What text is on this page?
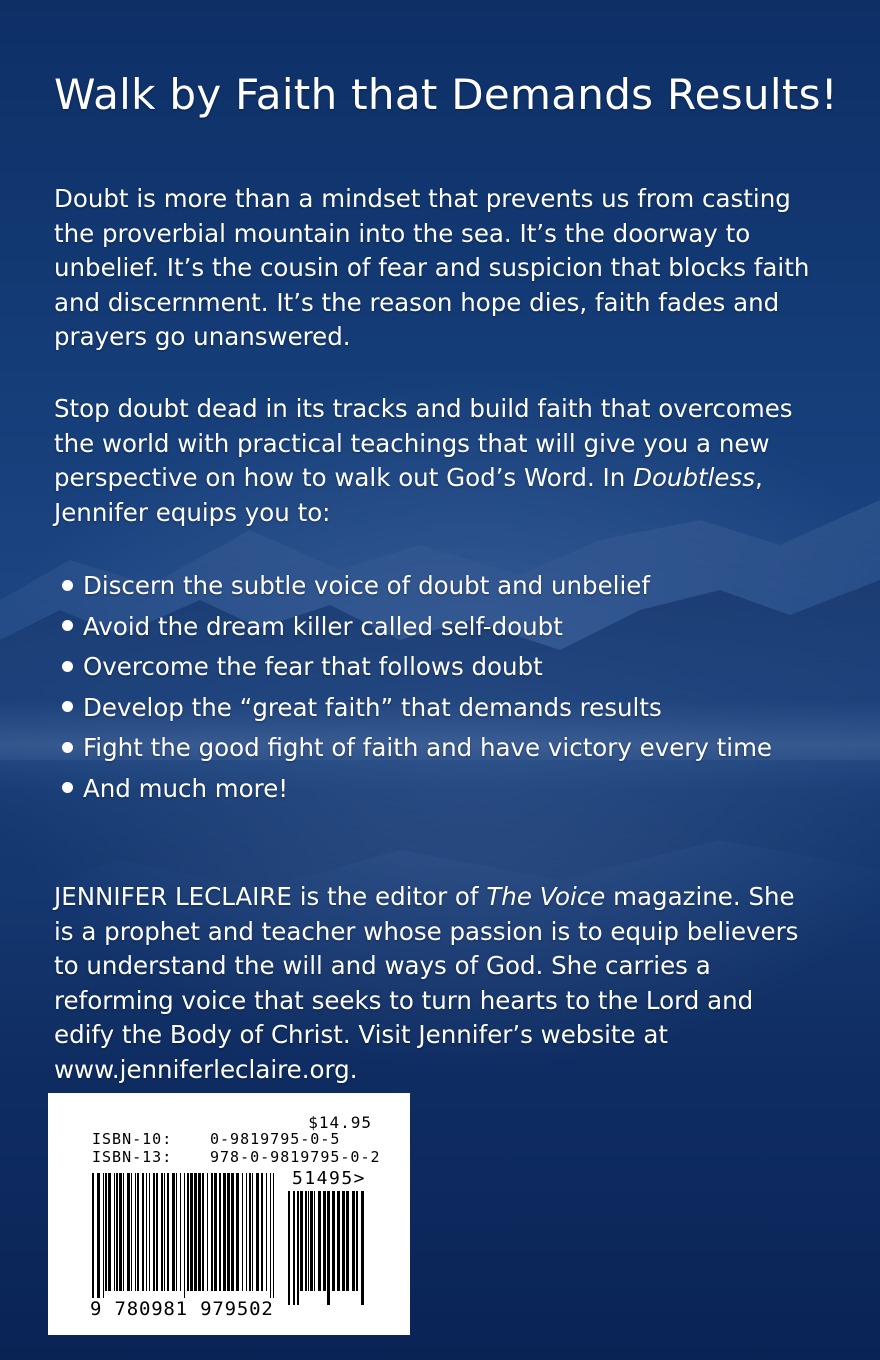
Walk by Faith that Demands Results!

Doubt is more than a mindset that prevents us from casting the proverbial mountain into the sea. It’s the doorway to unbelief. It’s the cousin of fear and suspicion that blocks faith and discernment. It’s the reason hope dies, faith fades and prayers go unanswered.

Stop doubt dead in its tracks and build faith that overcomes the world with practical teachings that will give you a new perspective on how to walk out God’s Word. In Doubtless, Jennifer equips you to:

Discern the subtle voice of doubt and unbelief
Avoid the dream killer called self-doubt
Overcome the fear that follows doubt
Develop the “great faith” that demands results
Fight the good fight of faith and have victory every time
And much more!

JENNIFER LECLAIRE is the editor of The Voice magazine. She is a prophet and teacher whose passion is to equip believers to understand the will and ways of God. She carries a reforming voice that seeks to turn hearts to the Lord and edify the Body of Christ. Visit Jennifer’s website at www.jenniferleclaire.org.

$14.95
ISBN-10:	0-9819795-0-5
ISBN-13:	978-0-9819795-0-2
51495>
9 780981 979502
